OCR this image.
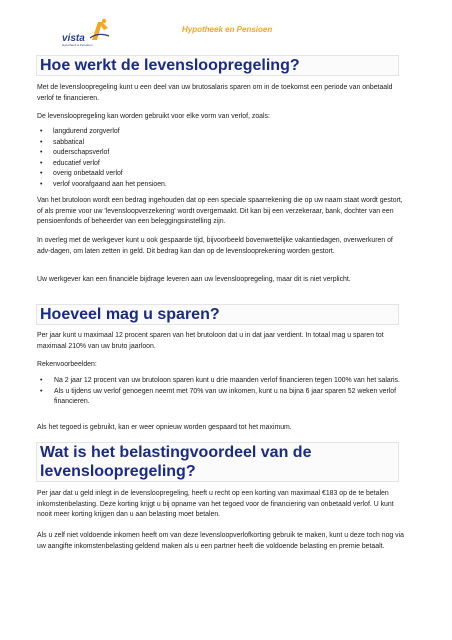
vista
Hypotheek & Pensioen
Hypotheek en Pensioen
Hoe werkt de levensloopregeling?
Met de levensloopregeling kunt u een deel van uw brutosalaris sparen om in de toekomst een periode van onbetaald verlof te financieren.
De levensloopregeling kan worden gebruikt voor elke vorm van verlof, zoals:
• langdurend zorgverlof
• sabbatical
• ouderschapsverlof
• educatief verlof
• overig onbetaald verlof
• verlof voorafgaand aan het pensioen.
Van het brutoloon wordt een bedrag ingehouden dat op een speciale spaarrekening die op uw naam staat wordt gestort, of als premie voor uw 'levensloopverzekering' wordt overgemaakt. Dit kan bij een verzekeraar, bank, dochter van een pensioenfonds of beheerder van een beleggingsinstelling zijn.
In overleg met de werkgever kunt u ook gespaarde tijd, bijvoorbeeld bovenwettelijke vakantiedagen, overwerkuren of adv-dagen, om laten zetten in geld. Dit bedrag kan dan op de levenslooprekening worden gestort.
Uw werkgever kan een financiële bijdrage leveren aan uw levensloopregeling, maar dit is niet verplicht.
Hoeveel mag u sparen?
Per jaar kunt u maximaal 12 procent sparen van het brutoloon dat u in dat jaar verdient. In totaal mag u sparen tot maximaal 210% van uw bruto jaarloon.
Rekenvoorbeelden:
• Na 2 jaar 12 procent van uw brutoloon sparen kunt u drie maanden verlof financieren tegen 100% van het salaris.
• Als u tijdens uw verlof genoegen neemt met 70% van uw inkomen, kunt u na bijna 6 jaar sparen 52 weken verlof financieren.
Als het tegoed is gebruikt, kan er weer opnieuw worden gespaard tot het maximum.
Wat is het belastingvoordeel van de levensloopregeling?
Per jaar dat u geld inlegt in de levensloopregeling, heeft u recht op een korting van maximaal €183 op de te betalen inkomstenbelasting. Deze korting krijgt u bij opname van het tegoed voor de financiering van onbetaald verlof. U kunt nooit meer korting krijgen dan u aan belasting moet betalen.
Als u zelf niet voldoende inkomen heeft om van deze levensloopverlofkorting gebruik te maken, kunt u deze toch nog via uw aangifte inkomstenbelasting geldend maken als u een partner heeft die voldoende belasting en premie betaalt.
